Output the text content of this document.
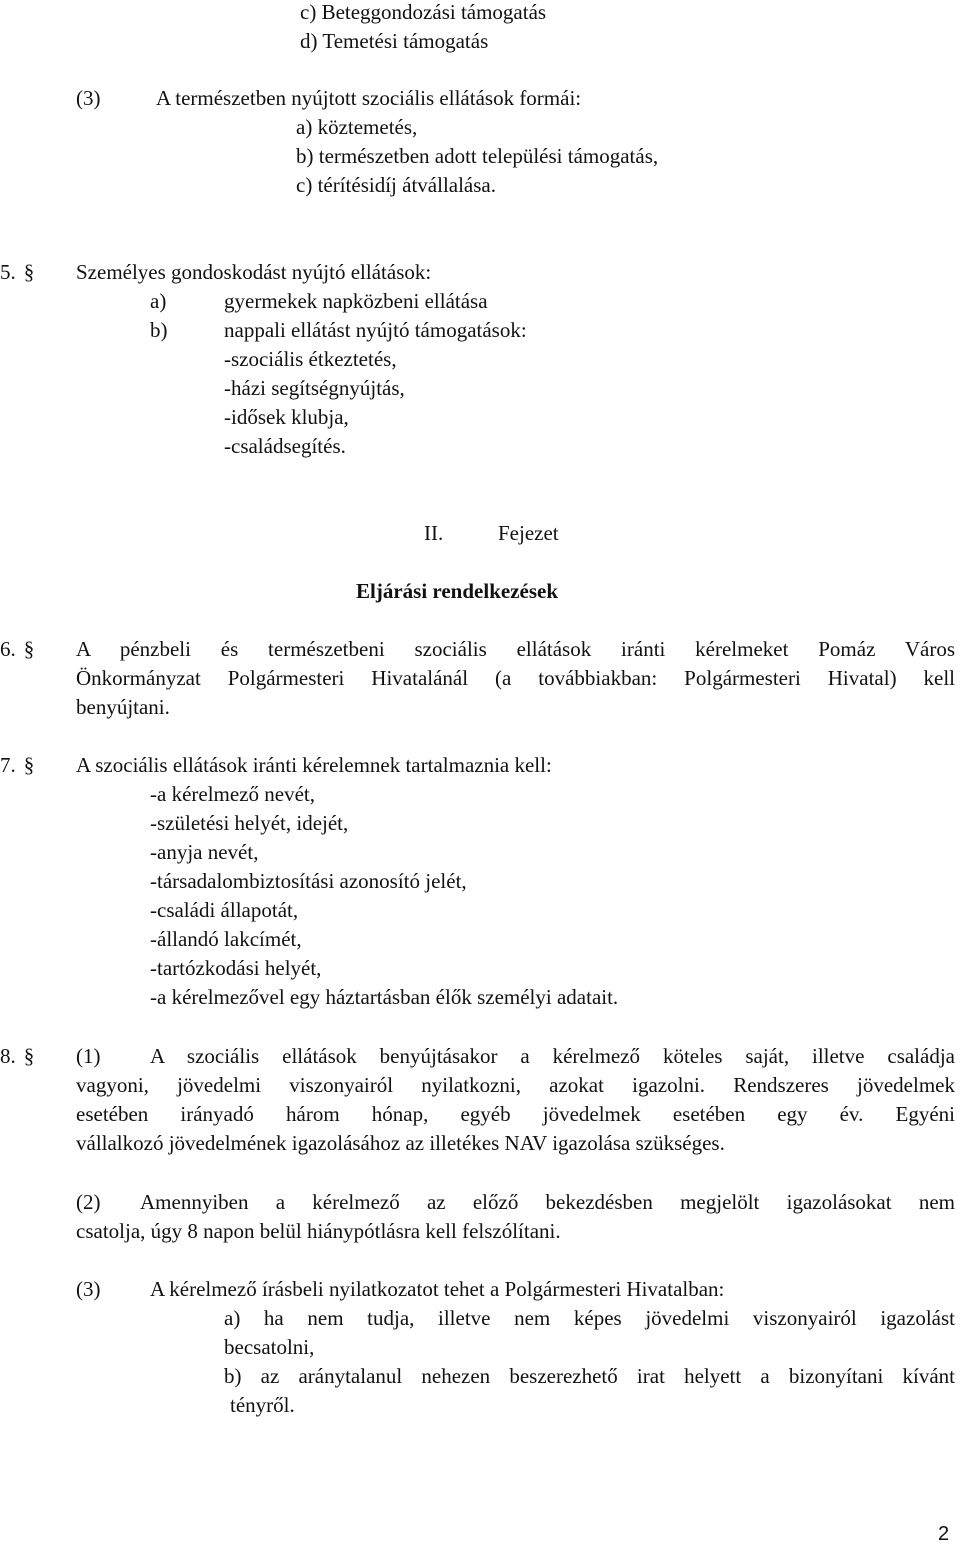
c) Beteggondozási támogatás
d) Temetési támogatás
(3)	A természetben nyújtott szociális ellátások formái:
a) köztemetés,
b) természetben adott települési támogatás,
c) térítésidíj átvállalása.
5. § Személyes gondoskodást nyújtó ellátások:
a)	gyermekek napközbeni ellátása
b)	nappali ellátást nyújtó támogatások:
-szociális étkeztetés,
-házi segítségnyújtás,
-idősek klubja,
-családsegítés.
II.	Fejezet
Eljárási rendelkezések
6. § A pénzbeli és természetbeni szociális ellátások iránti kérelmeket Pomáz Város
Önkormányzat Polgármesteri Hivatalánál (a továbbiakban: Polgármesteri Hivatal) kell
benyújtani.
7. § A szociális ellátások iránti kérelemnek tartalmaznia kell:
-a kérelmező nevét,
-születési helyét, idejét,
-anyja nevét,
-társadalombiztosítási azonosító jelét,
-családi állapotát,
-állandó lakcímét,
-tartózkodási helyét,
-a kérelmezővel egy háztartásban élők személyi adatait.
8. § (1) A szociális ellátások benyújtásakor a kérelmező köteles saját, illetve családja
vagyoni, jövedelmi viszonyairól nyilatkozni, azokat igazolni. Rendszeres jövedelmek
esetében irányadó három hónap, egyéb jövedelmek esetében egy év. Egyéni
vállalkozó jövedelmének igazolásához az illetékes NAV igazolása szükséges.
(2) Amennyiben a kérelmező az előző bekezdésben megjelölt igazolásokat nem
csatolja, úgy 8 napon belül hiánypótlásra kell felszólítani.
(3) A kérelmező írásbeli nyilatkozatot tehet a Polgármesteri Hivatalban:
a) ha nem tudja, illetve nem képes jövedelmi viszonyairól igazolást
becsatolni,
b) az aránytalanul nehezen beszerezhető irat helyett a bizonyítani kívánt
tényről.
2
